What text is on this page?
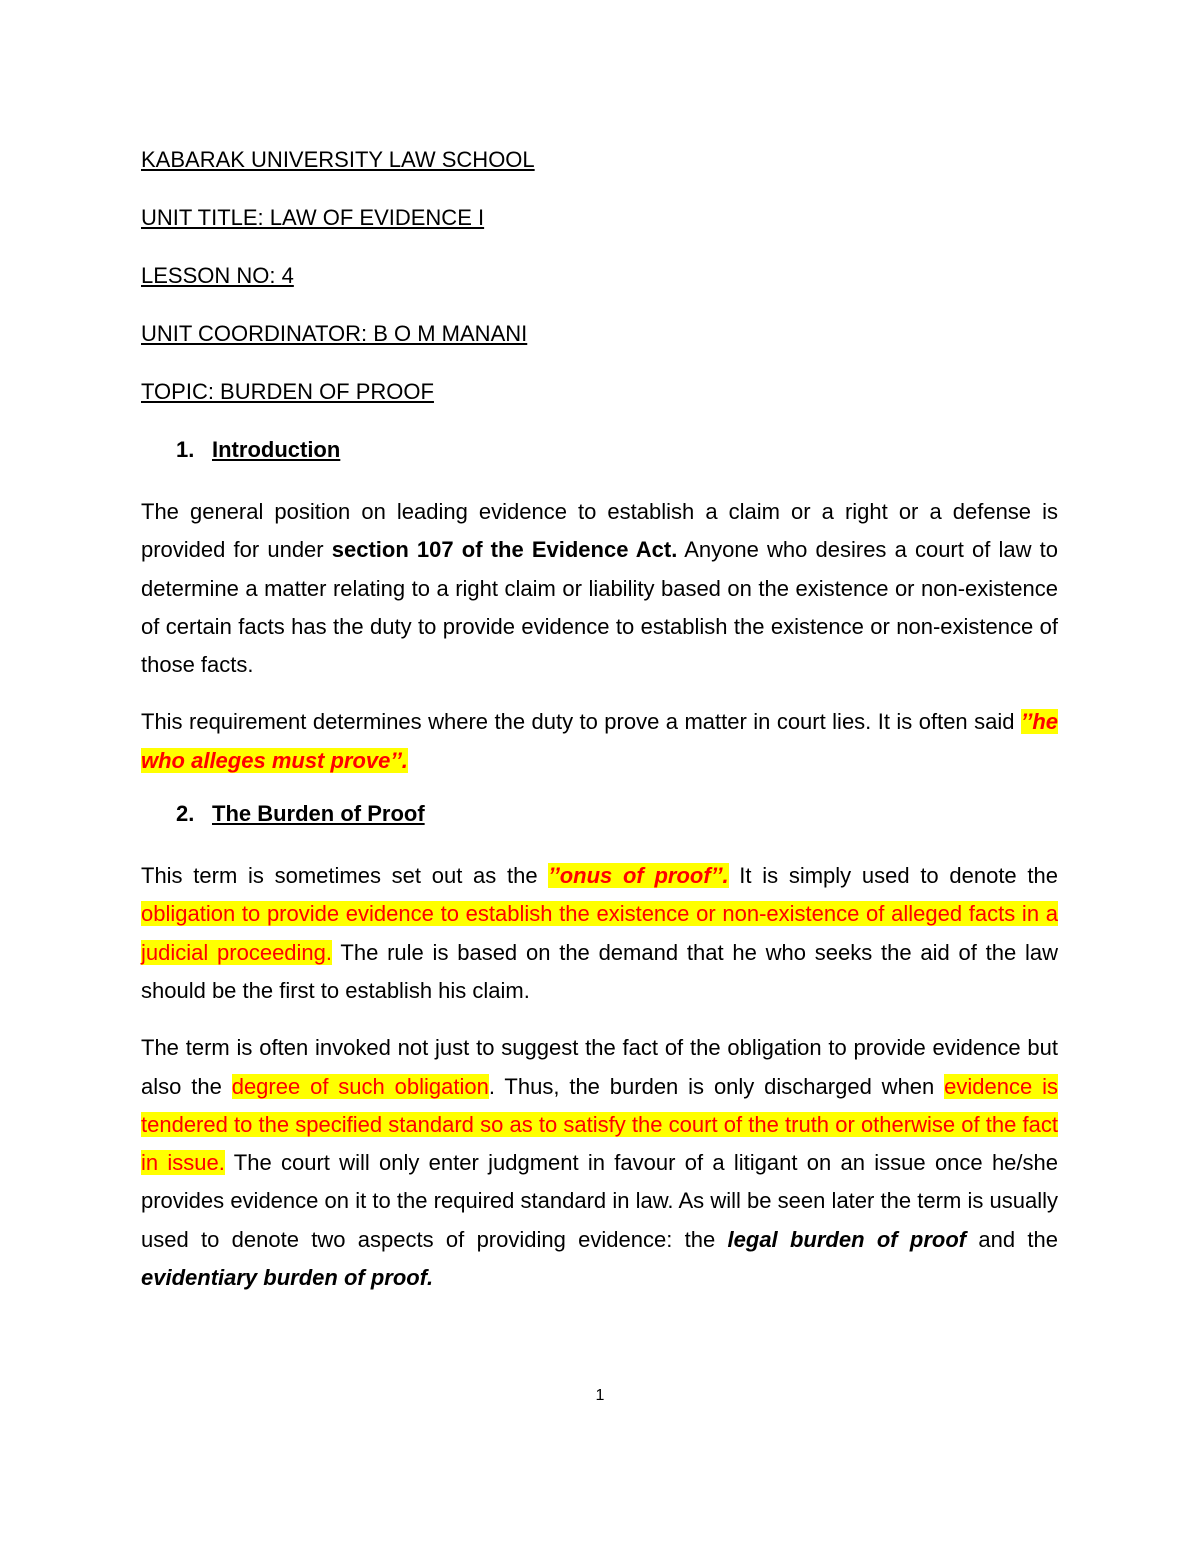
KABARAK UNIVERSITY LAW SCHOOL
UNIT TITLE: LAW OF EVIDENCE I
LESSON NO: 4
UNIT COORDINATOR: B O M MANANI
TOPIC: BURDEN OF PROOF
1. Introduction

The general position on leading evidence to establish a claim or a right or a defense is provided for under section 107 of the Evidence Act. Anyone who desires a court of law to determine a matter relating to a right claim or liability based on the existence or non-existence of certain facts has the duty to provide evidence to establish the existence or non-existence of those facts.

This requirement determines where the duty to prove a matter in court lies. It is often said ’’he who alleges must prove’’.

2. The Burden of Proof

This term is sometimes set out as the ’’onus of proof’’. It is simply used to denote the obligation to provide evidence to establish the existence or non-existence of alleged facts in a judicial proceeding. The rule is based on the demand that he who seeks the aid of the law should be the first to establish his claim.

The term is often invoked not just to suggest the fact of the obligation to provide evidence but also the degree of such obligation. Thus, the burden is only discharged when evidence is tendered to the specified standard so as to satisfy the court of the truth or otherwise of the fact in issue. The court will only enter judgment in favour of a litigant on an issue once he/she provides evidence on it to the required standard in law. As will be seen later the term is usually used to denote two aspects of providing evidence: the legal burden of proof and the evidentiary burden of proof.

1
